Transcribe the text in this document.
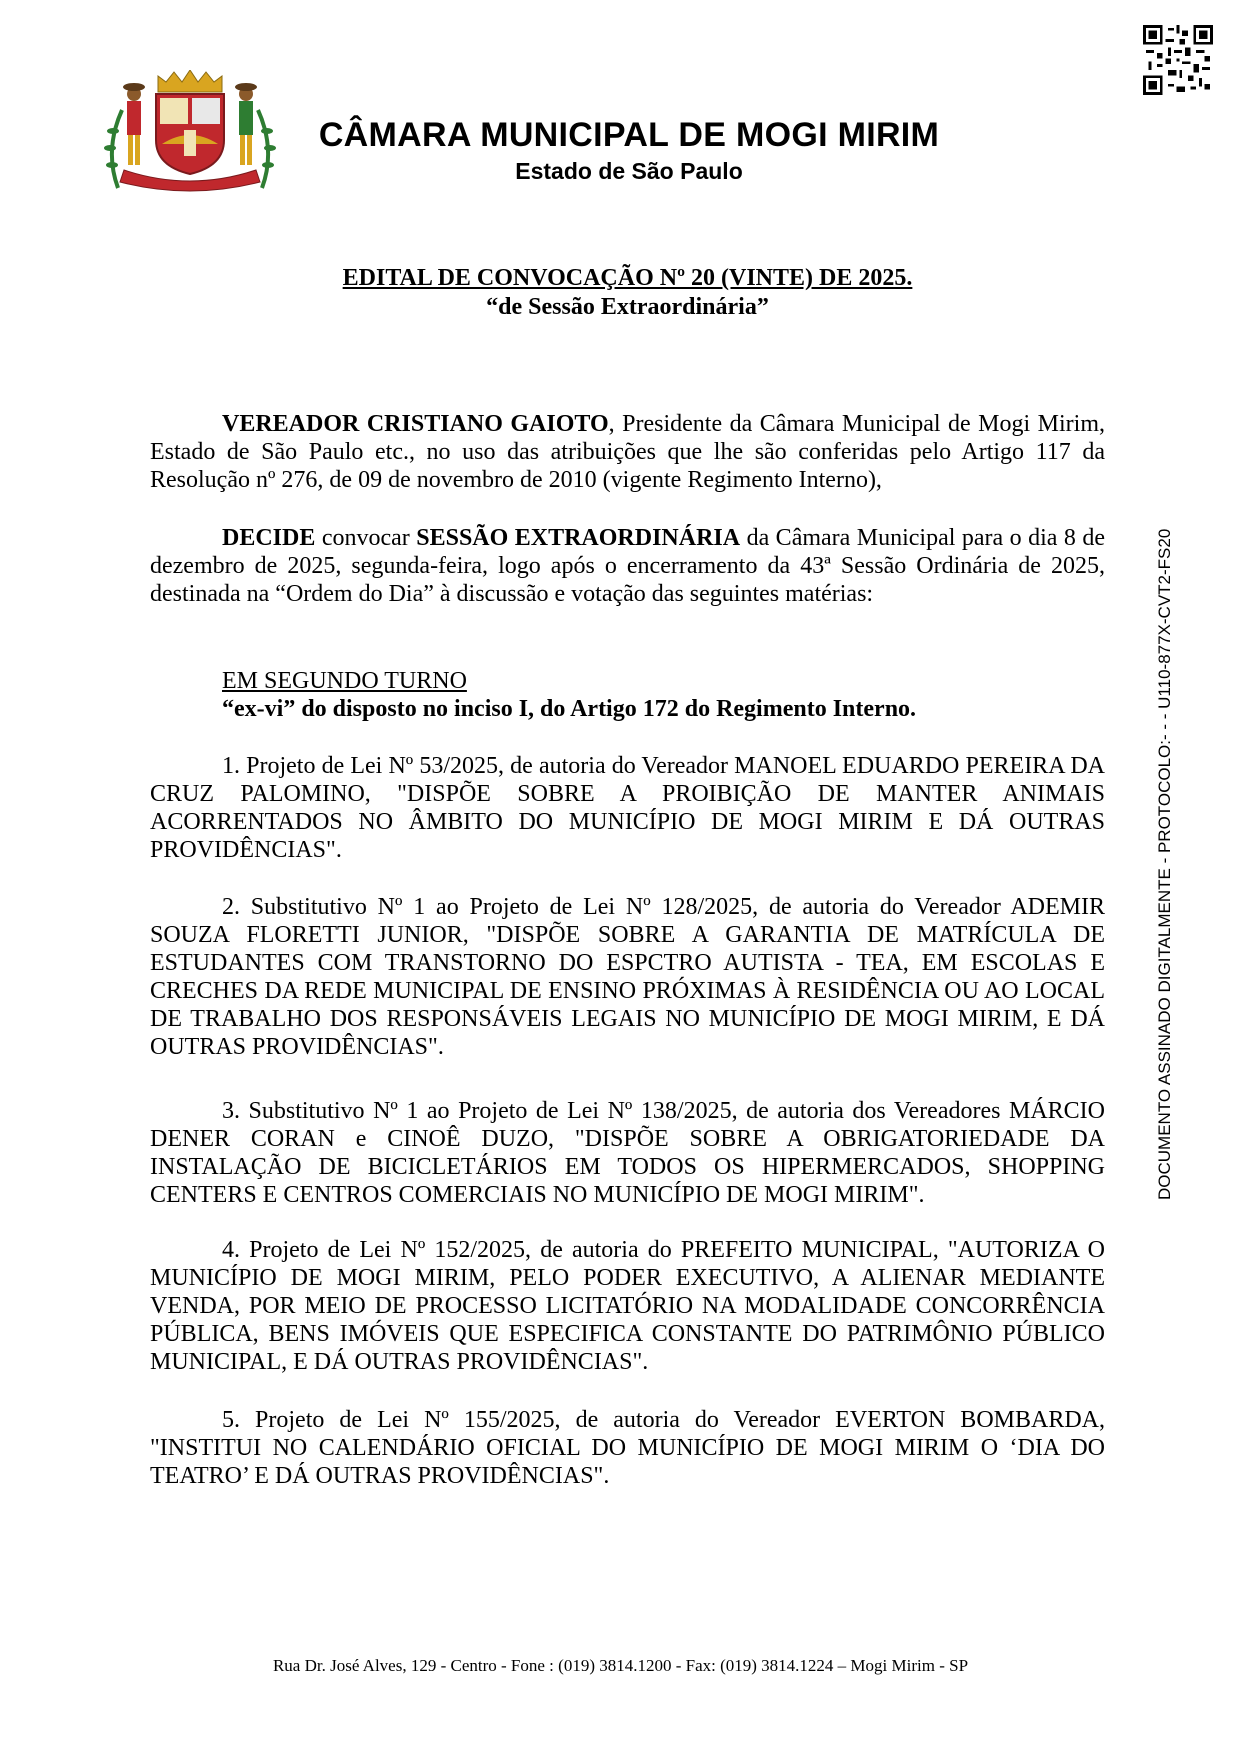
CÂMARA MUNICIPAL DE MOGI MIRIM
Estado de São Paulo
EDITAL DE CONVOCAÇÃO Nº 20 (VINTE) DE 2025.
“de Sessão Extraordinária”

VEREADOR CRISTIANO GAIOTO, Presidente da Câmara Municipal de Mogi Mirim, Estado de São Paulo etc., no uso das atribuições que lhe são conferidas pelo Artigo 117 da Resolução nº 276, de 09 de novembro de 2010 (vigente Regimento Interno),

DECIDE convocar SESSÃO EXTRAORDINÁRIA da Câmara Municipal para o dia 8 de dezembro de 2025, segunda-feira, logo após o encerramento da 43ª Sessão Ordinária de 2025, destinada na “Ordem do Dia” à discussão e votação das seguintes matérias:

EM SEGUNDO TURNO

“ex-vi” do disposto no inciso I, do Artigo 172 do Regimento Interno.

1. Projeto de Lei Nº 53/2025, de autoria do Vereador MANOEL EDUARDO PEREIRA DA CRUZ PALOMINO, "DISPÕE SOBRE A PROIBIÇÃO DE MANTER ANIMAIS ACORRENTADOS NO ÂMBITO DO MUNICÍPIO DE MOGI MIRIM E DÁ OUTRAS PROVIDÊNCIAS".

2. Substitutivo Nº 1 ao Projeto de Lei Nº 128/2025, de autoria do Vereador ADEMIR SOUZA FLORETTI JUNIOR, "DISPÕE SOBRE A GARANTIA DE MATRÍCULA DE ESTUDANTES COM TRANSTORNO DO ESPCTRO AUTISTA - TEA, EM ESCOLAS E CRECHES DA REDE MUNICIPAL DE ENSINO PRÓXIMAS À RESIDÊNCIA OU AO LOCAL DE TRABALHO DOS RESPONSÁVEIS LEGAIS NO MUNICÍPIO DE MOGI MIRIM, E DÁ OUTRAS PROVIDÊNCIAS".

3. Substitutivo Nº 1 ao Projeto de Lei Nº 138/2025, de autoria dos Vereadores MÁRCIO DENER CORAN e CINOÊ DUZO, "DISPÕE SOBRE A OBRIGATORIEDADE DA INSTALAÇÃO DE BICICLETÁRIOS EM TODOS OS HIPERMERCADOS, SHOPPING CENTERS E CENTROS COMERCIAIS NO MUNICÍPIO DE MOGI MIRIM".

4. Projeto de Lei Nº 152/2025, de autoria do PREFEITO MUNICIPAL, "AUTORIZA O MUNICÍPIO DE MOGI MIRIM, PELO PODER EXECUTIVO, A ALIENAR MEDIANTE VENDA, POR MEIO DE PROCESSO LICITATÓRIO NA MODALIDADE CONCORRÊNCIA PÚBLICA, BENS IMÓVEIS QUE ESPECIFICA CONSTANTE DO PATRIMÔNIO PÚBLICO MUNICIPAL, E DÁ OUTRAS PROVIDÊNCIAS".

5. Projeto de Lei Nº 155/2025, de autoria do Vereador EVERTON BOMBARDA, "INSTITUI NO CALENDÁRIO OFICIAL DO MUNICÍPIO DE MOGI MIRIM O ‘DIA DO TEATRO’ E DÁ OUTRAS PROVIDÊNCIAS".

DOCUMENTO ASSINADO DIGITALMENTE - PROTOCOLO:- - - U110-877X-CVT2-FS20
Rua Dr. José Alves, 129 - Centro - Fone : (019) 3814.1200 - Fax: (019) 3814.1224 – Mogi Mirim - SP
